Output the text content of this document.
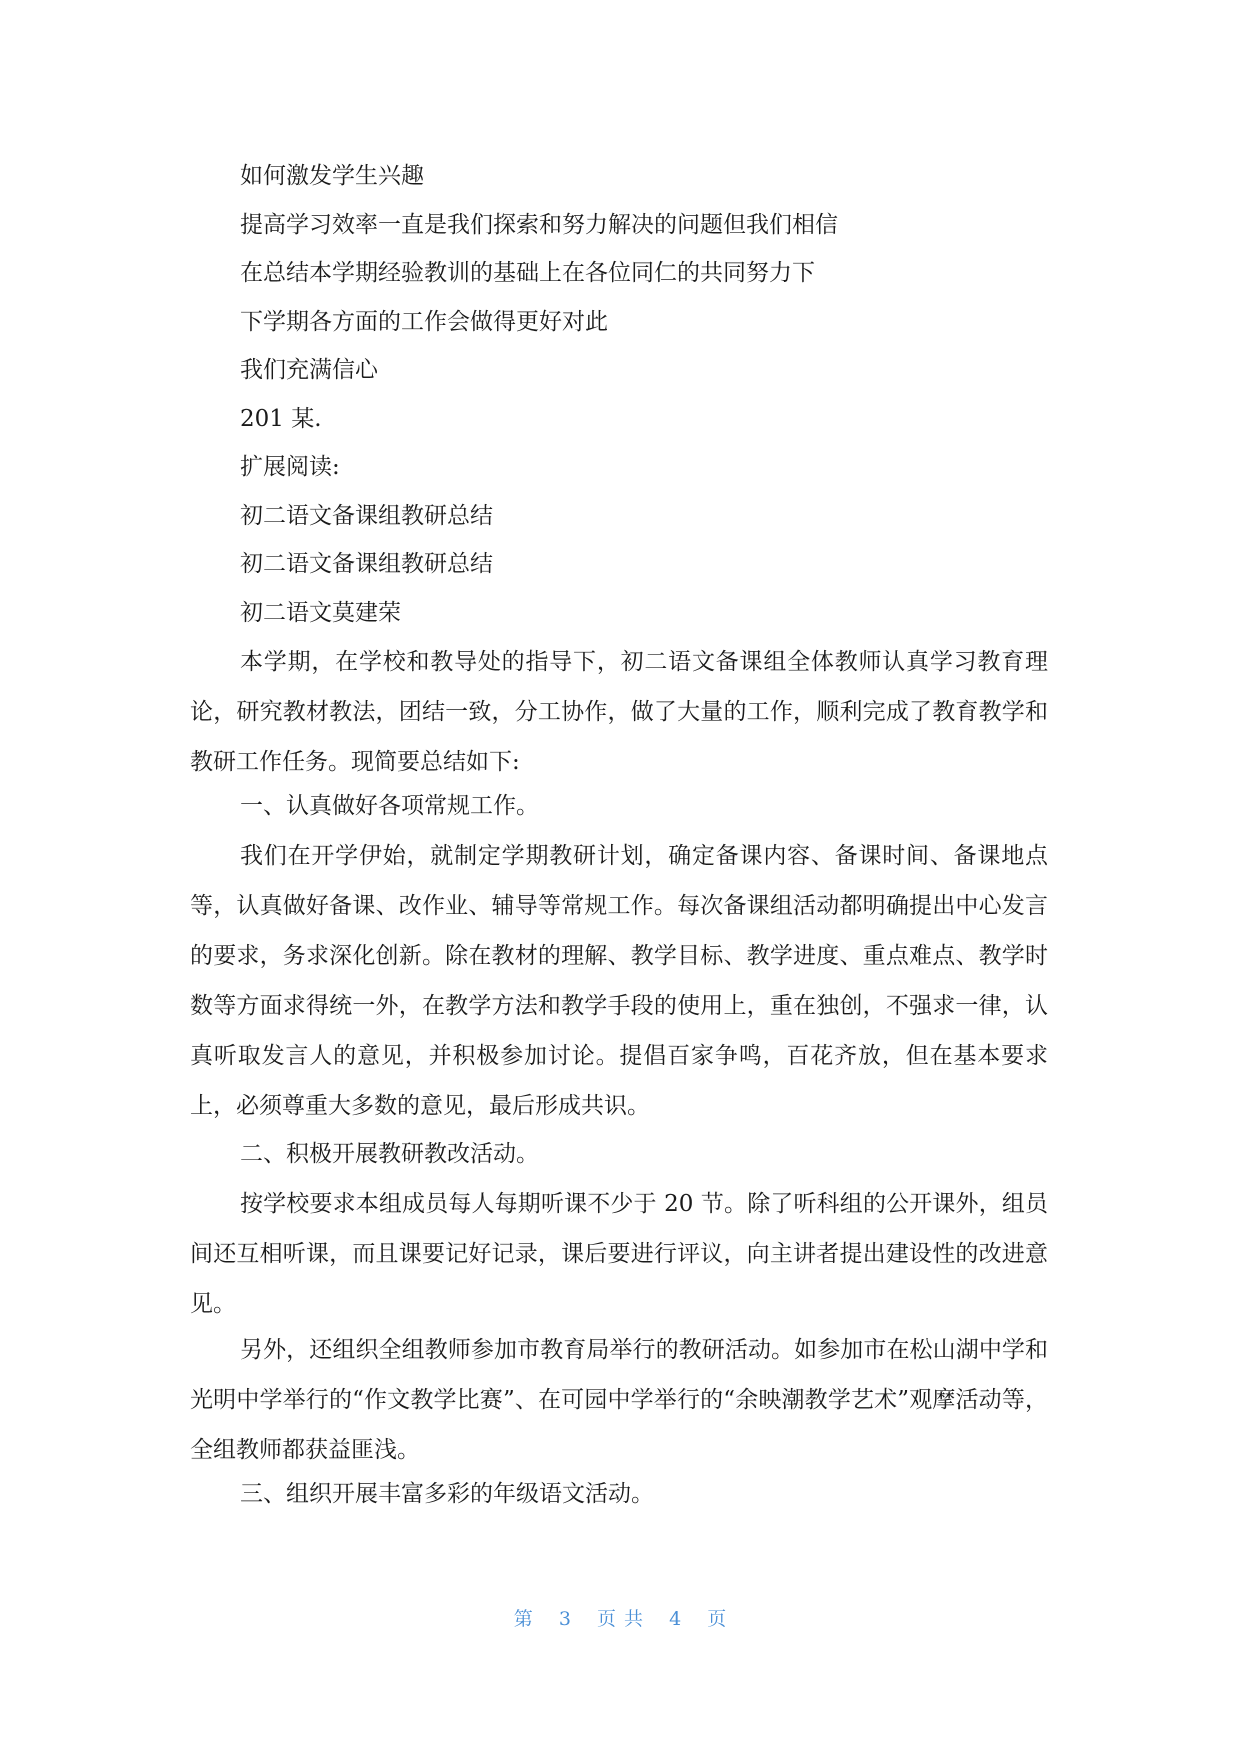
如何激发学生兴趣
提高学习效率一直是我们探索和努力解决的问题但我们相信
在总结本学期经验教训的基础上在各位同仁的共同努力下
下学期各方面的工作会做得更好对此
我们充满信心
201 某.
扩展阅读:
初二语文备课组教研总结
初二语文备课组教研总结
初二语文莫建荣

本学期，在学校和教导处的指导下，初二语文备课组全体教师认真学习教育理论，研究教材教法，团结一致，分工协作，做了大量的工作，顺利完成了教育教学和教研工作任务。现简要总结如下:

一、认真做好各项常规工作。

我们在开学伊始，就制定学期教研计划，确定备课内容、备课时间、备课地点等，认真做好备课、改作业、辅导等常规工作。每次备课组活动都明确提出中心发言的要求，务求深化创新。除在教材的理解、教学目标、教学进度、重点难点、教学时数等方面求得统一外，在教学方法和教学手段的使用上，重在独创，不强求一律，认真听取发言人的意见，并积极参加讨论。提倡百家争鸣，百花齐放，但在基本要求上，必须尊重大多数的意见，最后形成共识。

二、积极开展教研教改活动。

按学校要求本组成员每人每期听课不少于 20 节。除了听科组的公开课外，组员间还互相听课，而且课要记好记录，课后要进行评议，向主讲者提出建设性的改进意见。

另外，还组织全组教师参加市教育局举行的教研活动。如参加市在松山湖中学和光明中学举行的“作文教学比赛”、在可园中学举行的“余映潮教学艺术”观摩活动等，全组教师都获益匪浅。

三、组织开展丰富多彩的年级语文活动。
第 3 页 共 4 页
